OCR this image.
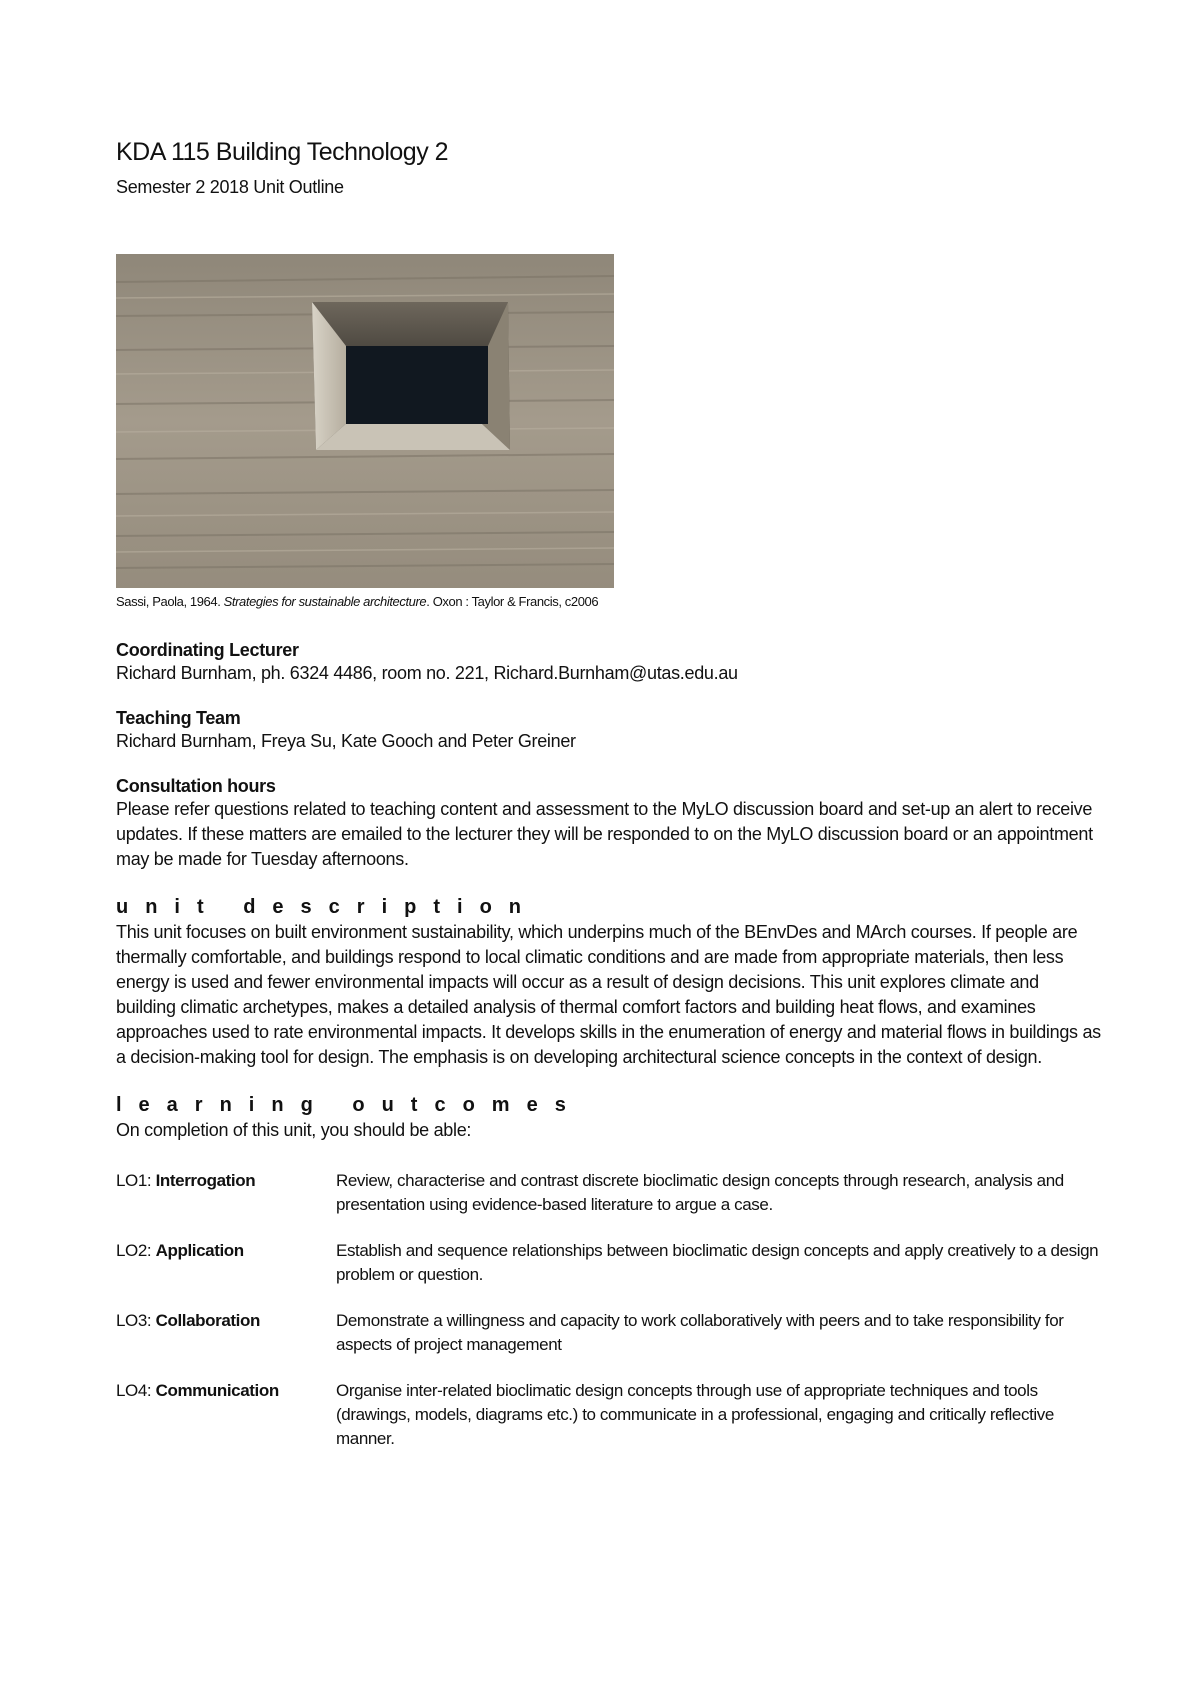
KDA 115 Building Technology 2

Semester 2 2018 Unit Outline

Sassi, Paola, 1964. Strategies for sustainable architecture. Oxon : Taylor & Francis, c2006

Coordinating Lecturer

Richard Burnham, ph. 6324 4486, room no. 221, Richard.Burnham@utas.edu.au

Teaching Team

Richard Burnham, Freya Su, Kate Gooch and Peter Greiner

Consultation hours

Please refer questions related to teaching content and assessment to the MyLO discussion board and set-up an alert to receive updates. If these matters are emailed to the lecturer they will be responded to on the MyLO discussion board or an appointment may be made for Tuesday afternoons.

unit description

This unit focuses on built environment sustainability, which underpins much of the BEnvDes and MArch courses. If people are thermally comfortable, and buildings respond to local climatic conditions and are made from appropriate materials, then less energy is used and fewer environmental impacts will occur as a result of design decisions. This unit explores climate and building climatic archetypes, makes a detailed analysis of thermal comfort factors and building heat flows, and examines approaches used to rate environmental impacts. It develops skills in the enumeration of energy and material flows in buildings as a decision-making tool for design. The emphasis is on developing architectural science concepts in the context of design.

learning outcomes

On completion of this unit, you should be able:

LO1: Interrogation	Review, characterise and contrast discrete bioclimatic design concepts through research, analysis and presentation using evidence-based literature to argue a case.
LO2: Application	Establish and sequence relationships between bioclimatic design concepts and apply creatively to a design problem or question.
LO3: Collaboration	Demonstrate a willingness and capacity to work collaboratively with peers and to take responsibility for aspects of project management
LO4: Communication	Organise inter-related bioclimatic design concepts through use of appropriate techniques and tools (drawings, models, diagrams etc.) to communicate in a professional, engaging and critically reflective manner.
